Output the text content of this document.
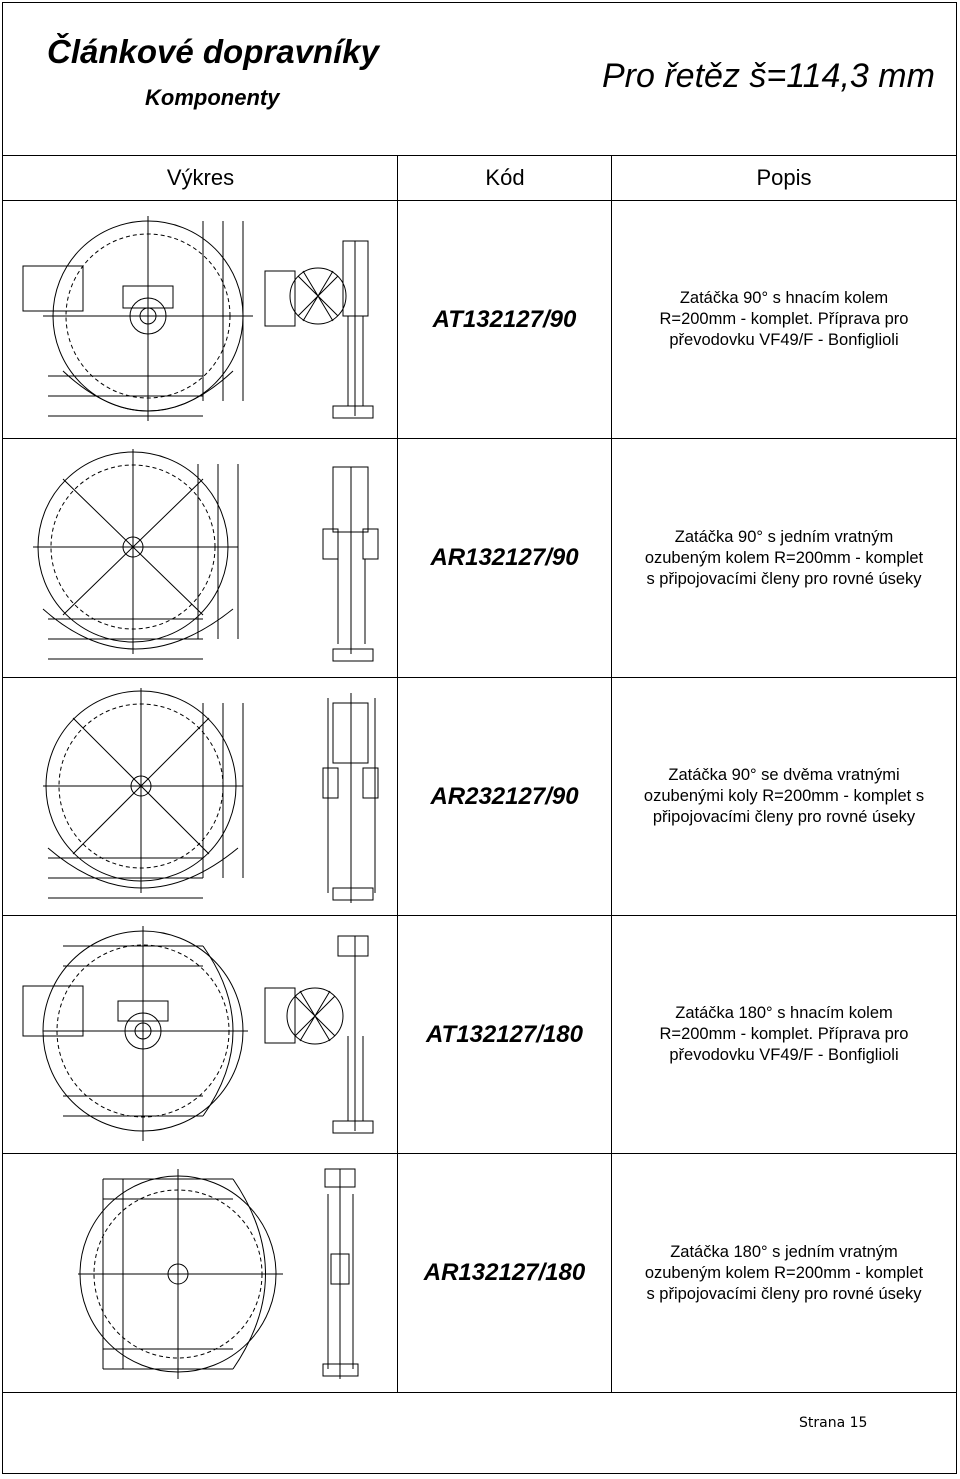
Článkové dopravníky
Komponenty
Pro řetěz š=114,3 mm
Výkres	Kód	Popis
AT132127/90
Zatáčka 90° s hnacím kolem
R=200mm - komplet. Příprava pro
převodovku VF49/F - Bonfiglioli
AR132127/90
Zatáčka 90° s jedním vratným
ozubeným kolem R=200mm - komplet
s připojovacími členy pro rovné úseky
AR232127/90
Zatáčka 90° se dvěma vratnými
ozubenými koly R=200mm - komplet s
připojovacími členy pro rovné úseky
AT132127/180
Zatáčka 180° s hnacím kolem
R=200mm - komplet. Příprava pro
převodovku VF49/F - Bonfiglioli
AR132127/180
Zatáčka 180° s jedním vratným
ozubeným kolem R=200mm - komplet
s připojovacími členy pro rovné úseky
Strana 15
